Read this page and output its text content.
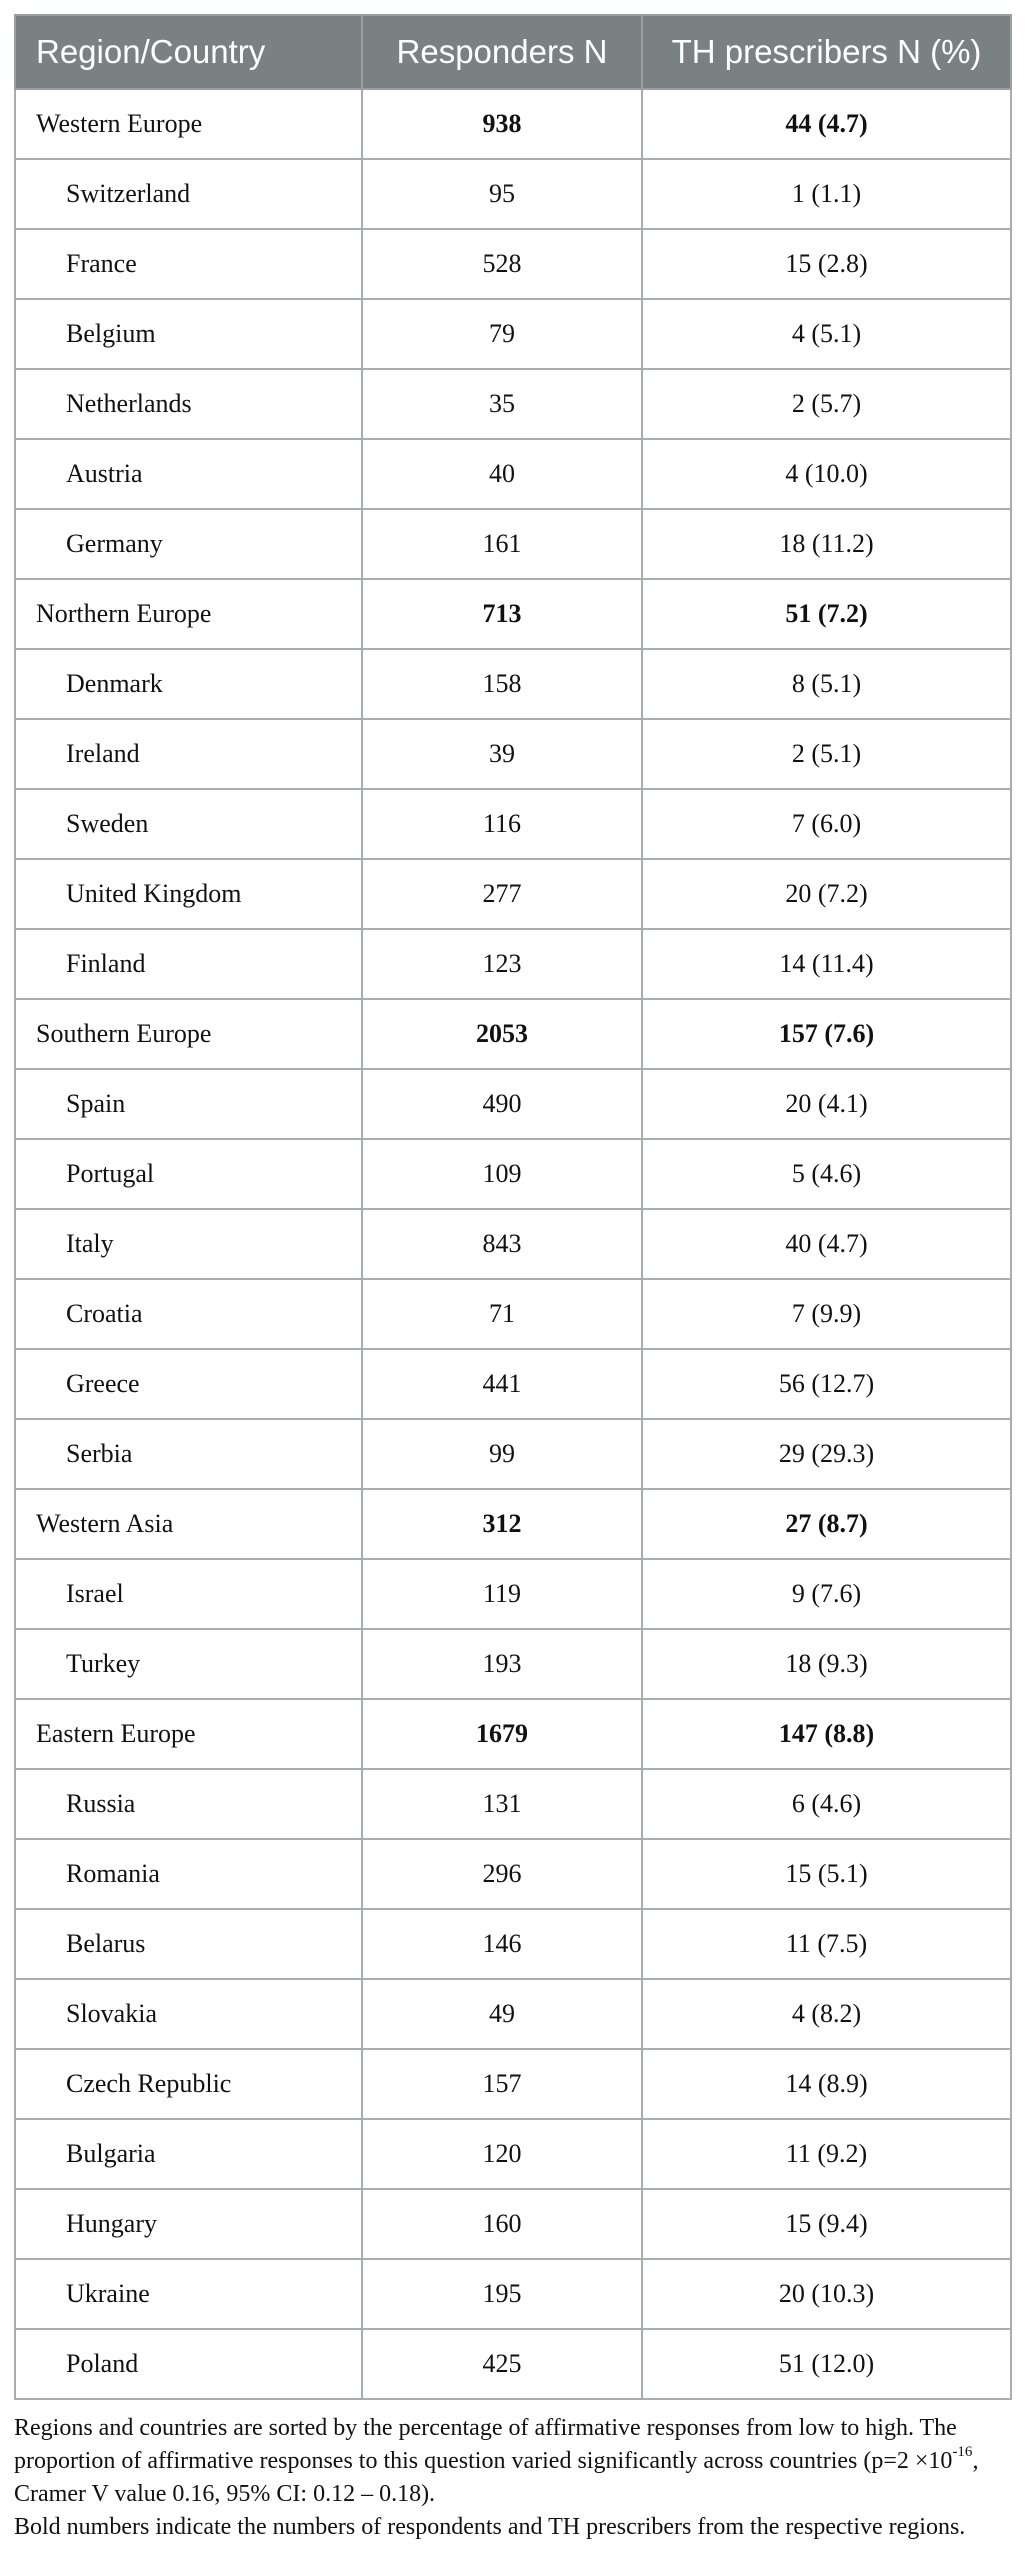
Region/Country	Responders N	TH prescribers N (%)
Western Europe	938	44 (4.7)
Switzerland	95	1 (1.1)
France	528	15 (2.8)
Belgium	79	4 (5.1)
Netherlands	35	2 (5.7)
Austria	40	4 (10.0)
Germany	161	18 (11.2)
Northern Europe	713	51 (7.2)
Denmark	158	8 (5.1)
Ireland	39	2 (5.1)
Sweden	116	7 (6.0)
United Kingdom	277	20 (7.2)
Finland	123	14 (11.4)
Southern Europe	2053	157 (7.6)
Spain	490	20 (4.1)
Portugal	109	5 (4.6)
Italy	843	40 (4.7)
Croatia	71	7 (9.9)
Greece	441	56 (12.7)
Serbia	99	29 (29.3)
Western Asia	312	27 (8.7)
Israel	119	9 (7.6)
Turkey	193	18 (9.3)
Eastern Europe	1679	147 (8.8)
Russia	131	6 (4.6)
Romania	296	15 (5.1)
Belarus	146	11 (7.5)
Slovakia	49	4 (8.2)
Czech Republic	157	14 (8.9)
Bulgaria	120	11 (9.2)
Hungary	160	15 (9.4)
Ukraine	195	20 (10.3)
Poland	425	51 (12.0)

Regions and countries are sorted by the percentage of affirmative responses from low to high. The proportion of affirmative responses to this question varied significantly across countries ($p=2 \times 10^{-16}$, Cramer V value 0.16, 95% CI: 0.12 – 0.18).

Bold numbers indicate the numbers of respondents and TH prescribers from the respective regions.
